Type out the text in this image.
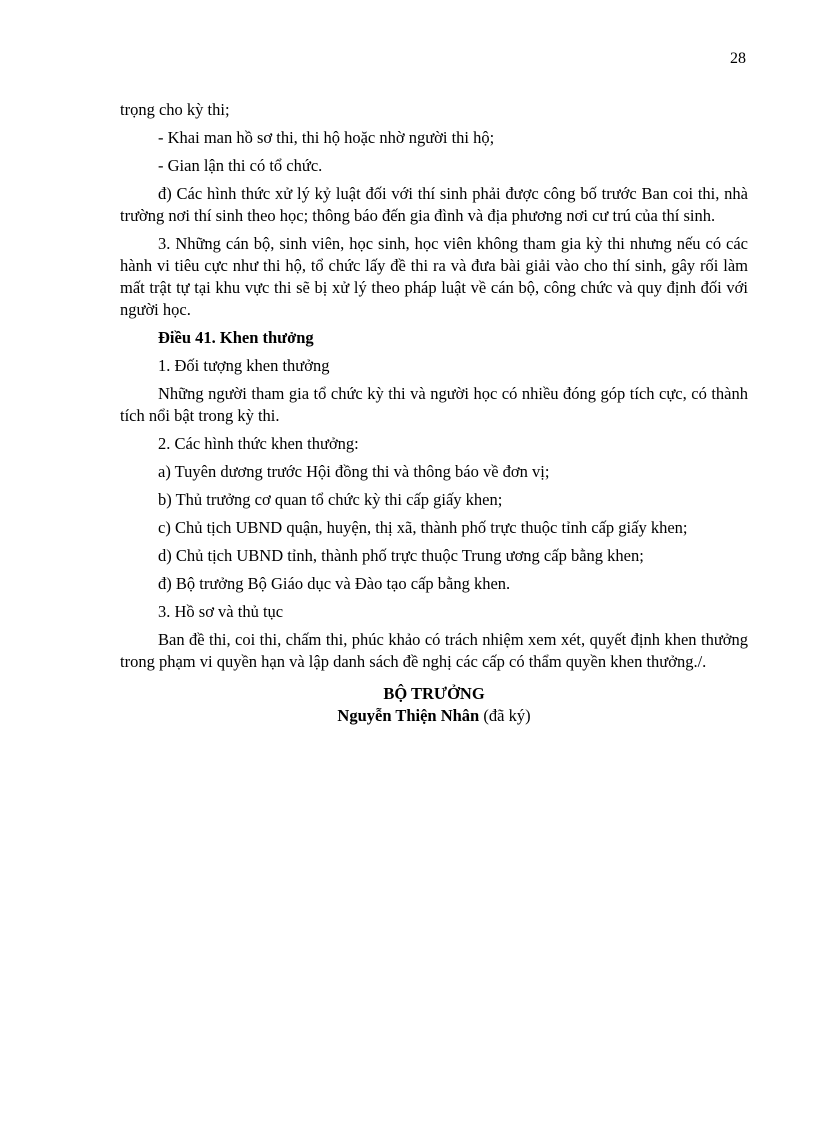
28

trọng cho kỳ thi;

- Khai man hồ sơ thi, thi hộ hoặc nhờ người thi hộ;

- Gian lận thi có tổ chức.

đ) Các hình thức xử lý kỷ luật đối với thí sinh phải được công bố trước Ban coi thi, nhà trường nơi thí sinh theo học; thông báo đến gia đình và địa phương nơi cư trú của thí sinh.

3. Những cán bộ, sinh viên, học sinh, học viên không tham gia kỳ thi nhưng nếu có các hành vi tiêu cực như thi hộ, tổ chức lấy đề thi ra và đưa bài giải vào cho thí sinh, gây rối làm mất trật tự tại khu vực thi sẽ bị xử lý theo pháp luật về cán bộ, công chức và quy định đối với người học.

Điều 41. Khen thưởng

1. Đối tượng khen thưởng

Những người tham gia tổ chức kỳ thi và người học có nhiều đóng góp tích cực, có thành tích nổi bật trong kỳ thi.

2. Các hình thức khen thưởng:

a) Tuyên dương trước Hội đồng thi và thông báo về đơn vị;

b) Thủ trưởng cơ quan tổ chức kỳ thi cấp giấy khen;

c) Chủ tịch UBND quận, huyện, thị xã, thành phố trực thuộc tỉnh cấp giấy khen;

d) Chủ tịch UBND tỉnh, thành phố trực thuộc Trung ương cấp bằng khen;

đ) Bộ trưởng Bộ Giáo dục và Đào tạo cấp bằng khen.

3. Hồ sơ và thủ tục

Ban đề thi, coi thi, chấm thi, phúc khảo có trách nhiệm xem xét, quyết định khen thưởng trong phạm vi quyền hạn và lập danh sách đề nghị các cấp có thẩm quyền khen thưởng./.

BỘ TRƯỞNG
Nguyễn Thiện Nhân (đã ký)
